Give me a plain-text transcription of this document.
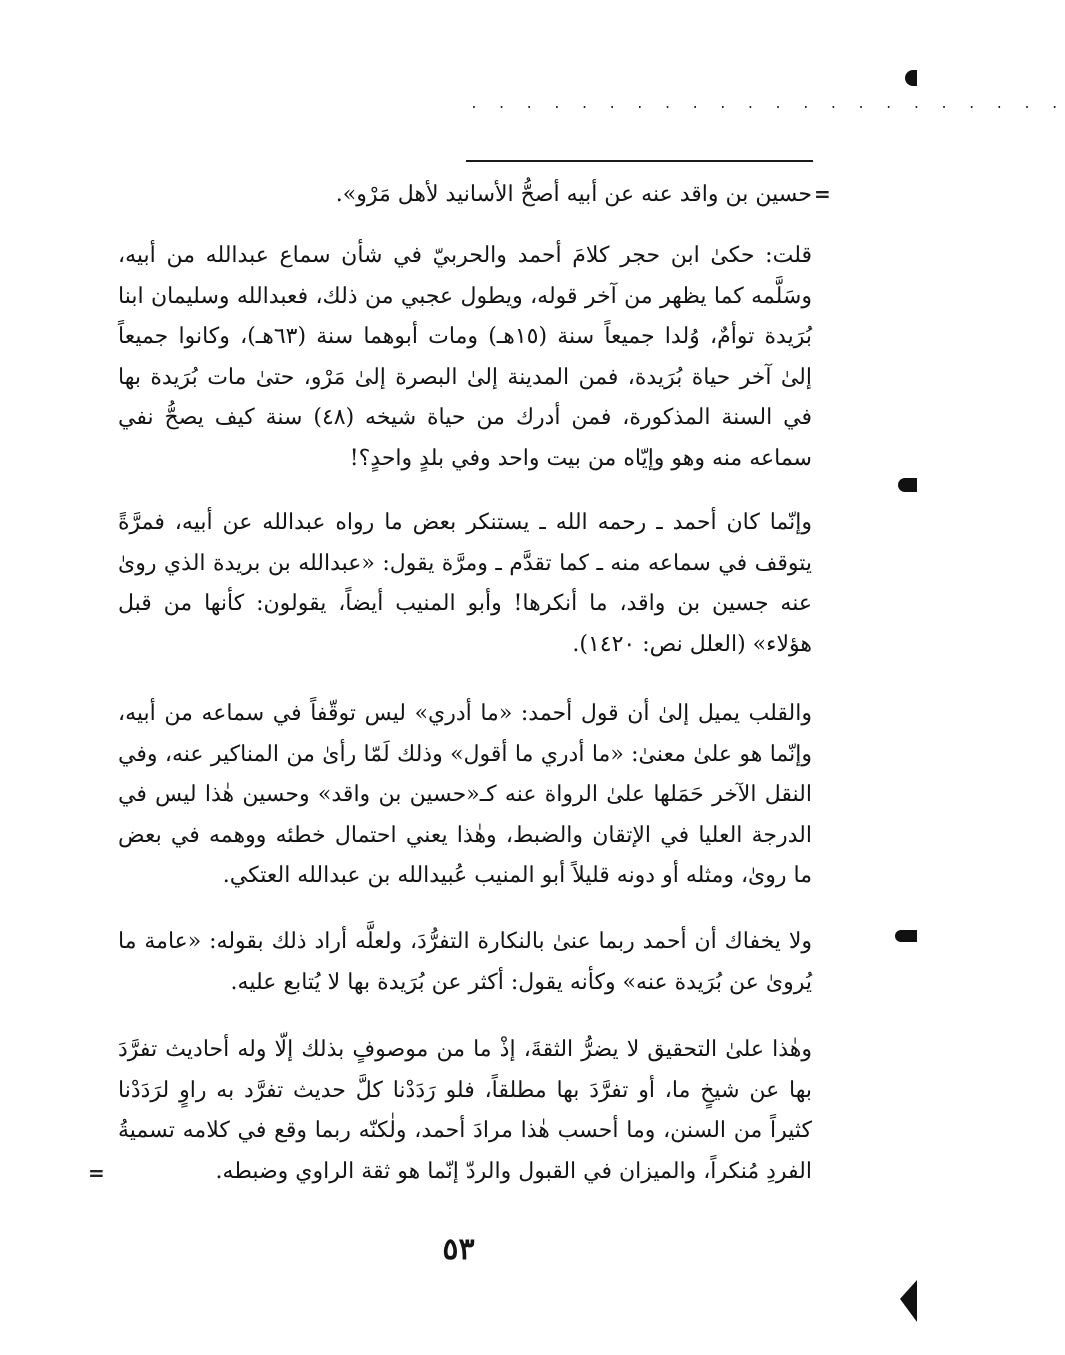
. . . . . . . . . . . . . . . . . . . . . .
=

حسين بن واقد عنه عن أبيه أصحُّ الأسانيد لأهل مَرْو».

قلت: حكىٰ ابن حجر كلامَ أحمد والحربيّ في شأن سماع عبدالله من أبيه، وسَلَّمه كما يظهر من آخر قوله، ويطول عجبي من ذلك، فعبدالله وسليمان ابنا بُرَيدة توأمٌ، وُلدا جميعاً سنة (١٥هـ) ومات أبوهما سنة (٦٣هـ)، وكانوا جميعاً إلىٰ آخر حياة بُرَيدة، فمن المدينة إلىٰ البصرة إلىٰ مَرْو، حتىٰ مات بُرَيدة بها في السنة المذكورة، فمن أدرك من حياة شيخه (٤٨) سنة كيف يصحُّ نفي سماعه منه وهو وإيّاه من بيت واحد وفي بلدٍ واحدٍ؟!

وإنّما كان أحمد ـ رحمه الله ـ يستنكر بعض ما رواه عبدالله عن أبيه، فمرَّةً يتوقف في سماعه منه ـ كما تقدَّم ـ ومرَّة يقول: «عبدالله بن بريدة الذي روىٰ عنه جسين بن واقد، ما أنكرها! وأبو المنيب أيضاً، يقولون: كأنها من قبل هؤلاء» (العلل نص: ١٤٢٠).

والقلب يميل إلىٰ أن قول أحمد: «ما أدري» ليس توقّفاً في سماعه من أبيه، وإنّما هو علىٰ معنىٰ: «ما أدري ما أقول» وذلك لَمّا رأىٰ من المناكير عنه، وفي النقل الآخر حَمَلها علىٰ الرواة عنه كـ«حسين بن واقد» وحسين هٰذا ليس في الدرجة العليا في الإتقان والضبط، وهٰذا يعني احتمال خطئه ووهمه في بعض ما روىٰ، ومثله أو دونه قليلاً أبو المنيب عُبيدالله بن عبدالله العتكي.

ولا يخفاك أن أحمد ربما عنىٰ بالنكارة التفرُّدَ، ولعلَّه أراد ذلك بقوله: «عامة ما يُروىٰ عن بُرَيدة عنه» وكأنه يقول: أكثر عن بُرَيدة بها لا يُتابع عليه.

وهٰذا علىٰ التحقيق لا يضرُّ الثقةَ، إذْ ما من موصوفٍ بذلك إلّا وله أحاديث تفرَّدَ بها عن شيخٍ ما، أو تفرَّدَ بها مطلقاً، فلو رَدَدْنا كلَّ حديث تفرَّد به راوٍ لرَدَدْنا كثيراً من السنن، وما أحسب هٰذا مرادَ أحمد، ولٰكنّه ربما وقع في كلامه تسميةُ الفردِ مُنكراً، والميزان في القبول والردّ إنّما هو ثقة الراوي وضبطه.

=
٥٣
